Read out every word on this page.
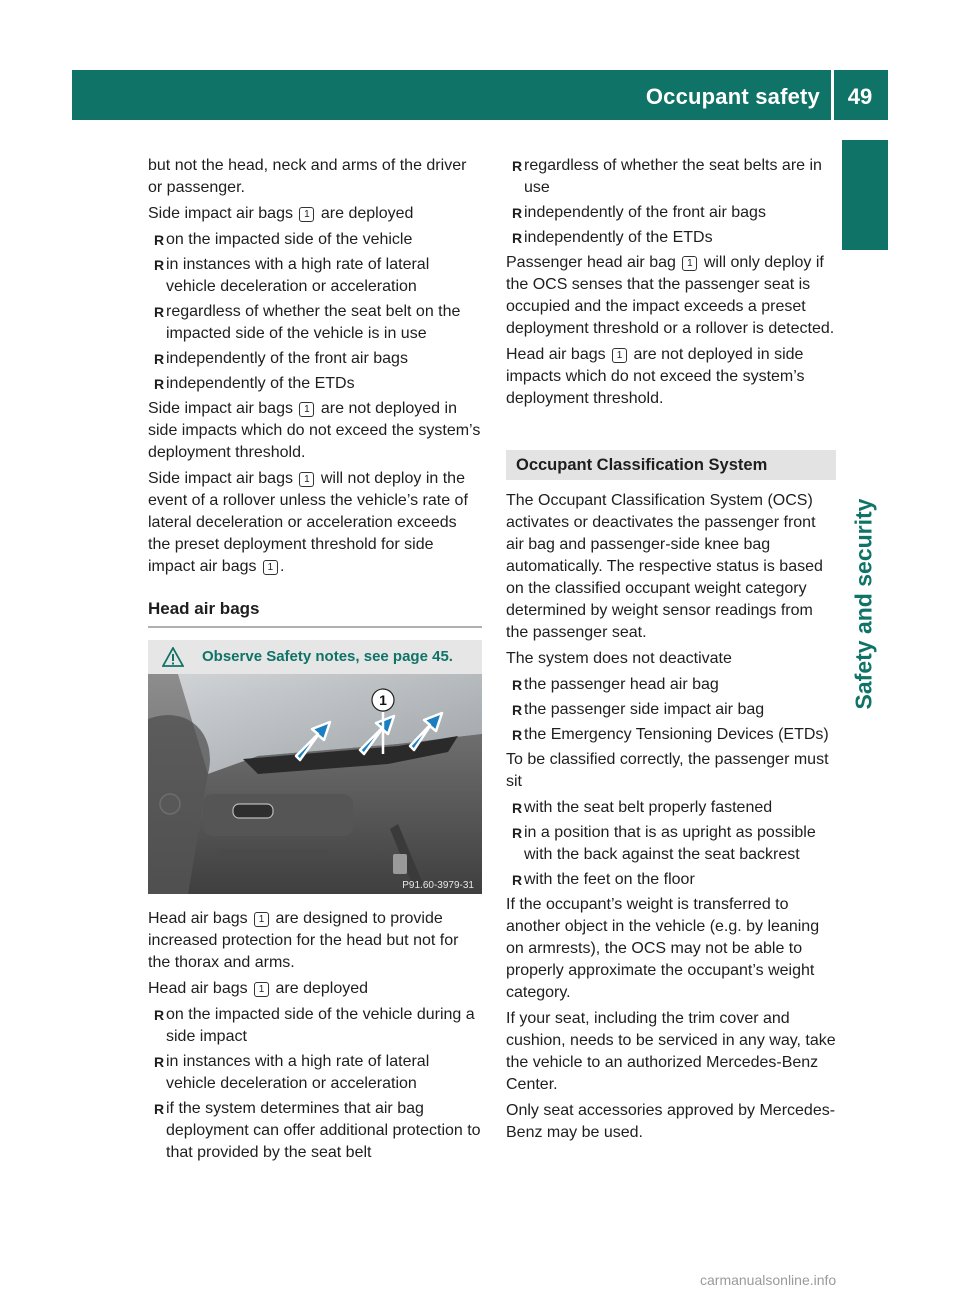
Occupant safety	49
Safety and security

but not the head, neck and arms of the driver or passenger.

Side impact air bags 1 are deployed

R on the impacted side of the vehicle
R in instances with a high rate of lateral vehicle deceleration or acceleration
R regardless of whether the seat belt on the impacted side of the vehicle is in use
R independently of the front air bags
R independently of the ETDs

Side impact air bags 1 are not deployed in side impacts which do not exceed the system’s deployment threshold.

Side impact air bags 1 will not deploy in the event of a rollover unless the vehicle’s rate of lateral deceleration or acceleration exceeds the preset deployment threshold for side impact air bags 1 .

Head air bags
Observe Safety notes, see page 45.
1
P91.60-3979-31

Head air bags 1 are designed to provide increased protection for the head but not for the thorax and arms.

Head air bags 1 are deployed

R on the impacted side of the vehicle during a side impact
R in instances with a high rate of lateral vehicle deceleration or acceleration
R if the system determines that air bag deployment can offer additional protection to that provided by the seat belt
R regardless of whether the seat belts are in use
R independently of the front air bags
R independently of the ETDs

Passenger head air bag 1 will only deploy if the OCS senses that the passenger seat is occupied and the impact exceeds a preset deployment threshold or a rollover is detected.

Head air bags 1 are not deployed in side impacts which do not exceed the system’s deployment threshold.

Occupant Classification System

The Occupant Classification System (OCS) activates or deactivates the passenger front air bag and passenger-side knee bag automatically. The respective status is based on the classified occupant weight category determined by weight sensor readings from the passenger seat.

The system does not deactivate

R the passenger head air bag
R the passenger side impact air bag
R the Emergency Tensioning Devices (ETDs)

To be classified correctly, the passenger must sit

R with the seat belt properly fastened
R in a position that is as upright as possible with the back against the seat backrest
R with the feet on the floor

If the occupant’s weight is transferred to another object in the vehicle (e.g. by leaning on armrests), the OCS may not be able to properly approximate the occupant’s weight category.

If your seat, including the trim cover and cushion, needs to be serviced in any way, take the vehicle to an authorized Mercedes-Benz Center.

Only seat accessories approved by Mercedes-Benz may be used.

carmanualsonline.info
